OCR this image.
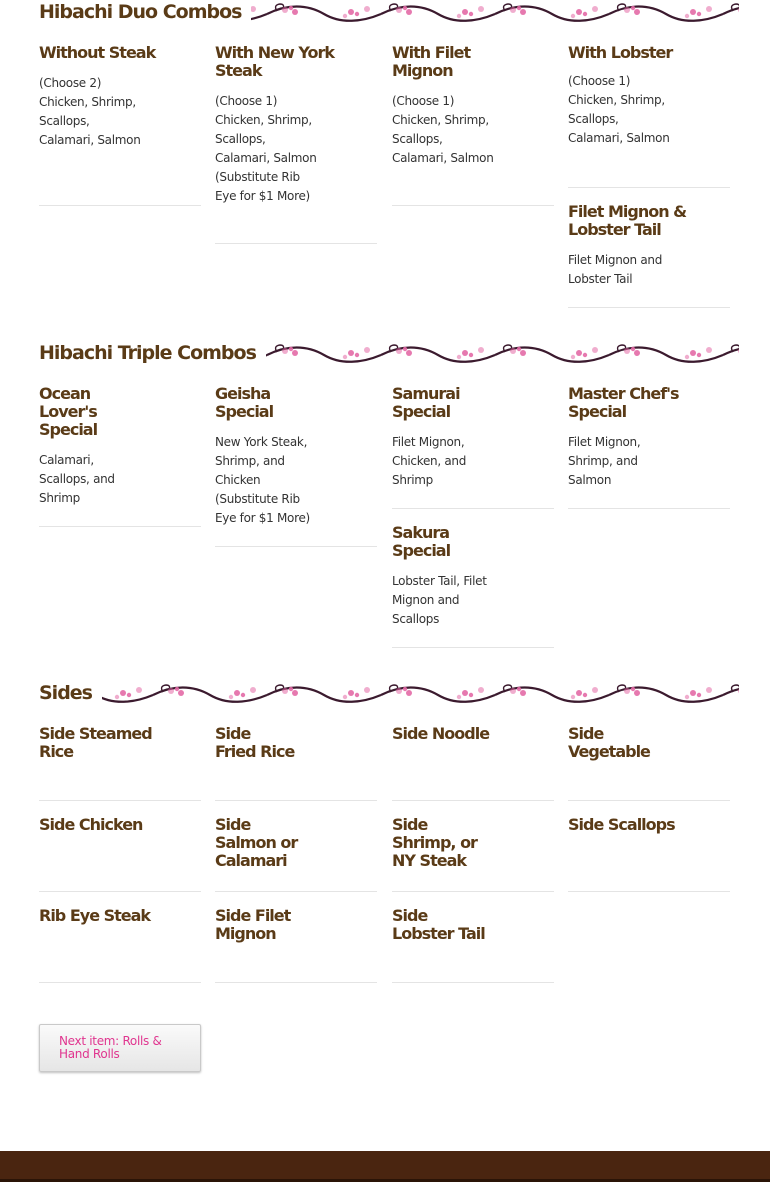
Hibachi Duo Combos
Without Steak
(Choose 2) Chicken, Shrimp, Scallops, Calamari, Salmon
With New York Steak
(Choose 1) Chicken, Shrimp, Scallops, Calamari, Salmon (Substitute Rib Eye for $1 More)
With Filet Mignon
(Choose 1) Chicken, Shrimp, Scallops, Calamari, Salmon
With Lobster
(Choose 1) Chicken, Shrimp, Scallops, Calamari, Salmon
Filet Mignon & Lobster Tail
Filet Mignon and Lobster Tail
Hibachi Triple Combos
Ocean Lover's Special
Calamari, Scallops, and Shrimp
Geisha Special
New York Steak, Shrimp, and Chicken (Substitute Rib Eye for $1 More)
Samurai Special
Filet Mignon, Chicken, and Shrimp
Master Chef's Special
Filet Mignon, Shrimp, and Salmon
Sakura Special
Lobster Tail, Filet Mignon and Scallops
Sides
Side Steamed Rice
Side Fried Rice
Side Noodle	Side Vegetable
Side Chicken	Side Salmon or Calamari
Side Shrimp, or NY Steak
Side Scallops
Rib Eye Steak	Side Filet Mignon
Side Lobster Tail
Next item: Rolls & Hand Rolls
